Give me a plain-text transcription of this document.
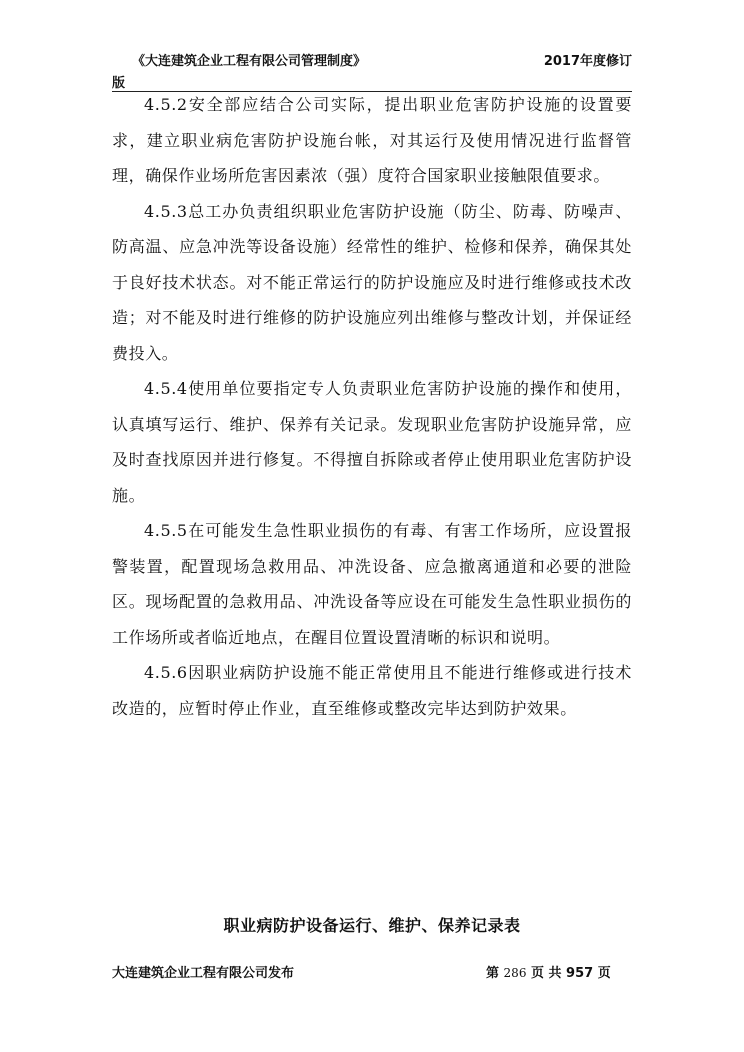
《大连建筑企业工程有限公司管理制度》	2017年度修订
版

4.5.2安全部应结合公司实际，提出职业危害防护设施的设置要求，建立职业病危害防护设施台帐，对其运行及使用情况进行监督管理，确保作业场所危害因素浓（强）度符合国家职业接触限值要求。

4.5.3总工办负责组织职业危害防护设施（防尘、防毒、防噪声、防高温、应急冲洗等设备设施）经常性的维护、检修和保养，确保其处于良好技术状态。对不能正常运行的防护设施应及时进行维修或技术改造；对不能及时进行维修的防护设施应列出维修与整改计划，并保证经费投入。

4.5.4使用单位要指定专人负责职业危害防护设施的操作和使用，认真填写运行、维护、保养有关记录。发现职业危害防护设施异常，应及时查找原因并进行修复。不得擅自拆除或者停止使用职业危害防护设施。

4.5.5在可能发生急性职业损伤的有毒、有害工作场所，应设置报警装置，配置现场急救用品、冲洗设备、应急撤离通道和必要的泄险区。现场配置的急救用品、冲洗设备等应设在可能发生急性职业损伤的工作场所或者临近地点，在醒目位置设置清晰的标识和说明。

4.5.6因职业病防护设施不能正常使用且不能进行维修或进行技术改造的，应暂时停止作业，直至维修或整改完毕达到防护效果。

职业病防护设备运行、维护、保养记录表
大连建筑企业工程有限公司发布	第 286 页 共 957 页
